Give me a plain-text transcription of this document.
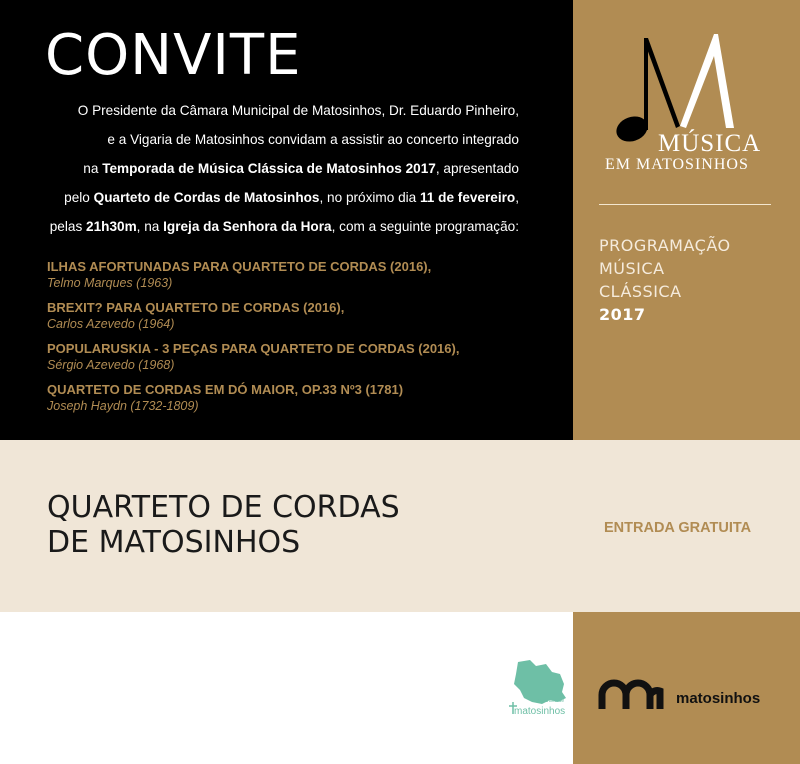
CONVITE

O Presidente da Câmara Municipal de Matosinhos, Dr. Eduardo Pinheiro,
e a Vigaria de Matosinhos convidam a assistir ao concerto integrado
na Temporada de Música Clássica de Matosinhos 2017, apresentado
pelo Quarteto de Cordas de Matosinhos, no próximo dia 11 de fevereiro,
pelas 21h30m, na Igreja da Senhora da Hora, com a seguinte programação:

ILHAS AFORTUNADAS PARA QUARTETO DE CORDAS (2016),
Telmo Marques (1963)
BREXIT? PARA QUARTETO DE CORDAS (2016),
Carlos Azevedo (1964)
POPULARUSKIA - 3 PEÇAS PARA QUARTETO DE CORDAS (2016),
Sérgio Azevedo (1968)
QUARTETO DE CORDAS EM DÓ MAIOR, OP.33 Nº3 (1781)
Joseph Haydn (1732-1809)
MÚSICA
EM MATOSINHOS
PROGRAMAÇÃO
MÚSICA
CLÁSSICA
2017
QUARTETO DE CORDAS
DE MATOSINHOS	ENTRADA GRATUITA
vigararia de
matosinhos
matosinhos
